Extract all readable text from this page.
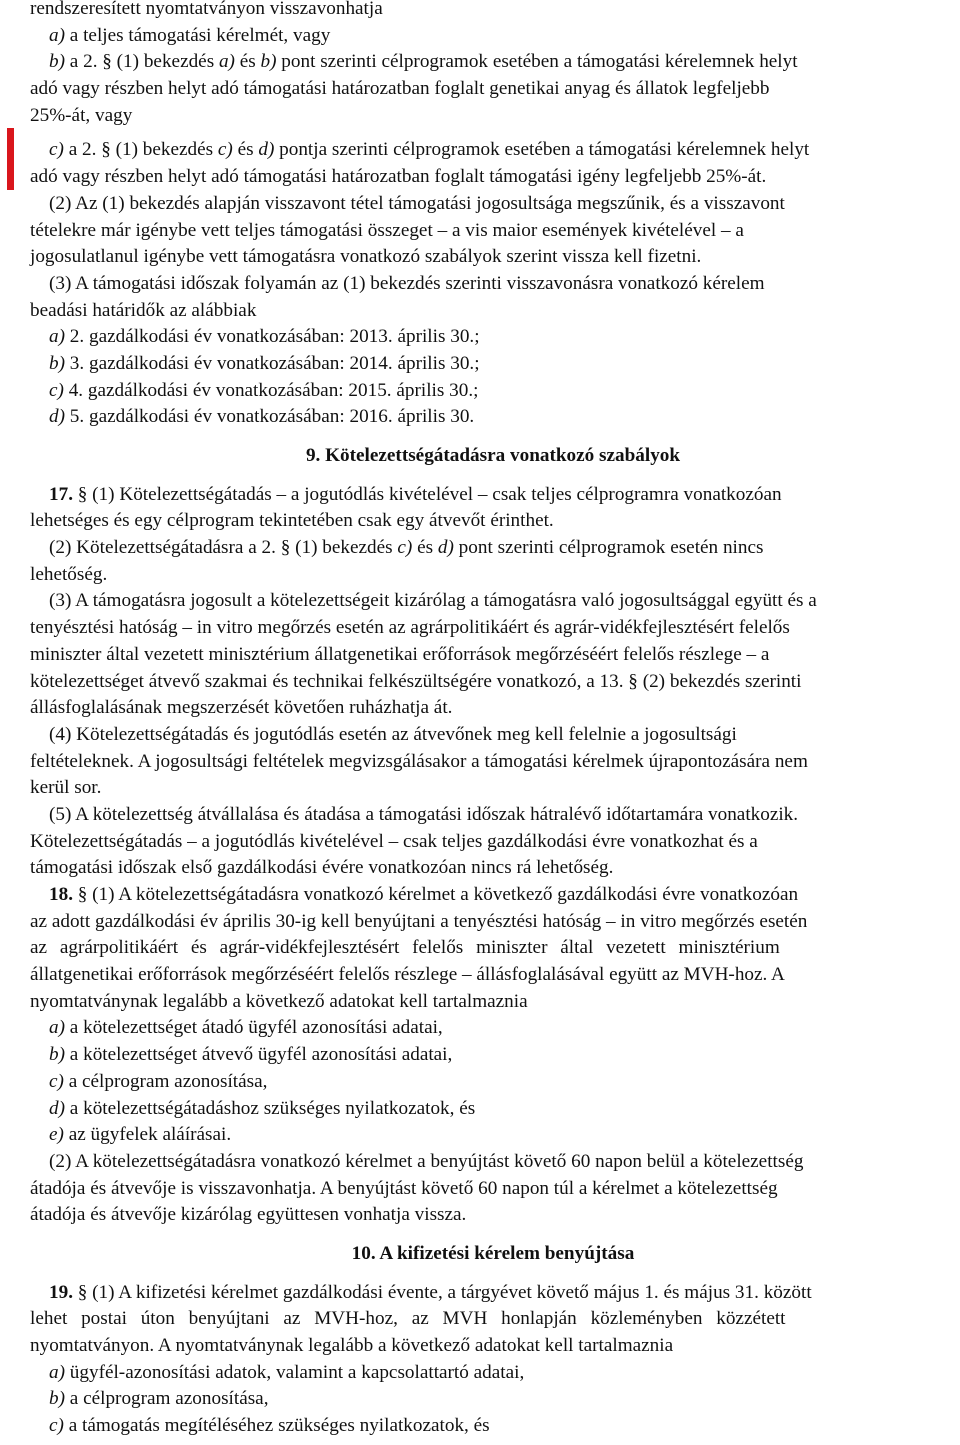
rendszeresített nyomtatványon visszavonhatja
a) a teljes támogatási kérelmét, vagy
b) a 2. § (1) bekezdés a) és b) pont szerinti célprogramok esetében a támogatási kérelemnek helyt
adó vagy részben helyt adó támogatási határozatban foglalt genetikai anyag és állatok legfeljebb
25%-át, vagy
c) a 2. § (1) bekezdés c) és d) pontja szerinti célprogramok esetében a támogatási kérelemnek helyt
adó vagy részben helyt adó támogatási határozatban foglalt támogatási igény legfeljebb 25%-át.
(2) Az (1) bekezdés alapján visszavont tétel támogatási jogosultsága megszűnik, és a visszavont
tételekre már igénybe vett teljes támogatási összeget – a vis maior események kivételével – a
jogosulatlanul igénybe vett támogatásra vonatkozó szabályok szerint vissza kell fizetni.
(3) A támogatási időszak folyamán az (1) bekezdés szerinti visszavonásra vonatkozó kérelem
beadási határidők az alábbiak
a) 2. gazdálkodási év vonatkozásában: 2013. április 30.;
b) 3. gazdálkodási év vonatkozásában: 2014. április 30.;
c) 4. gazdálkodási év vonatkozásában: 2015. április 30.;
d) 5. gazdálkodási év vonatkozásában: 2016. április 30.
9. Kötelezettségátadásra vonatkozó szabályok
17. § (1) Kötelezettségátadás – a jogutódlás kivételével – csak teljes célprogramra vonatkozóan
lehetséges és egy célprogram tekintetében csak egy átvevőt érinthet.
(2) Kötelezettségátadásra a 2. § (1) bekezdés c) és d) pont szerinti célprogramok esetén nincs
lehetőség.
(3) A támogatásra jogosult a kötelezettségeit kizárólag a támogatásra való jogosultsággal együtt és a
tenyésztési hatóság – in vitro megőrzés esetén az agrárpolitikáért és agrár-vidékfejlesztésért felelős
miniszter által vezetett minisztérium állatgenetikai erőforrások megőrzéséért felelős részlege – a
kötelezettséget átvevő szakmai és technikai felkészültségére vonatkozó, a 13. § (2) bekezdés szerinti
állásfoglalásának megszerzését követően ruházhatja át.
(4) Kötelezettségátadás és jogutódlás esetén az átvevőnek meg kell felelnie a jogosultsági
feltételeknek. A jogosultsági feltételek megvizsgálásakor a támogatási kérelmek újrapontozására nem
kerül sor.
(5) A kötelezettség átvállalása és átadása a támogatási időszak hátralévő időtartamára vonatkozik.
Kötelezettségátadás – a jogutódlás kivételével – csak teljes gazdálkodási évre vonatkozhat és a
támogatási időszak első gazdálkodási évére vonatkozóan nincs rá lehetőség.
18. § (1) A kötelezettségátadásra vonatkozó kérelmet a következő gazdálkodási évre vonatkozóan
az adott gazdálkodási év április 30-ig kell benyújtani a tenyésztési hatóság – in vitro megőrzés esetén
az agrárpolitikáért és agrár-vidékfejlesztésért felelős miniszter által vezetett minisztérium
állatgenetikai erőforrások megőrzéséért felelős részlege – állásfoglalásával együtt az MVH-hoz. A
nyomtatványnak legalább a következő adatokat kell tartalmaznia
a) a kötelezettséget átadó ügyfél azonosítási adatai,
b) a kötelezettséget átvevő ügyfél azonosítási adatai,
c) a célprogram azonosítása,
d) a kötelezettségátadáshoz szükséges nyilatkozatok, és
e) az ügyfelek aláírásai.
(2) A kötelezettségátadásra vonatkozó kérelmet a benyújtást követő 60 napon belül a kötelezettség
átadója és átvevője is visszavonhatja. A benyújtást követő 60 napon túl a kérelmet a kötelezettség
átadója és átvevője kizárólag együttesen vonhatja vissza.
10. A kifizetési kérelem benyújtása
19. § (1) A kifizetési kérelmet gazdálkodási évente, a tárgyévet követő május 1. és május 31. között
lehet postai úton benyújtani az MVH-hoz, az MVH honlapján közleményben közzétett
nyomtatványon. A nyomtatványnak legalább a következő adatokat kell tartalmaznia
a) ügyfél-azonosítási adatok, valamint a kapcsolattartó adatai,
b) a célprogram azonosítása,
c) a támogatás megítéléséhez szükséges nyilatkozatok, és
